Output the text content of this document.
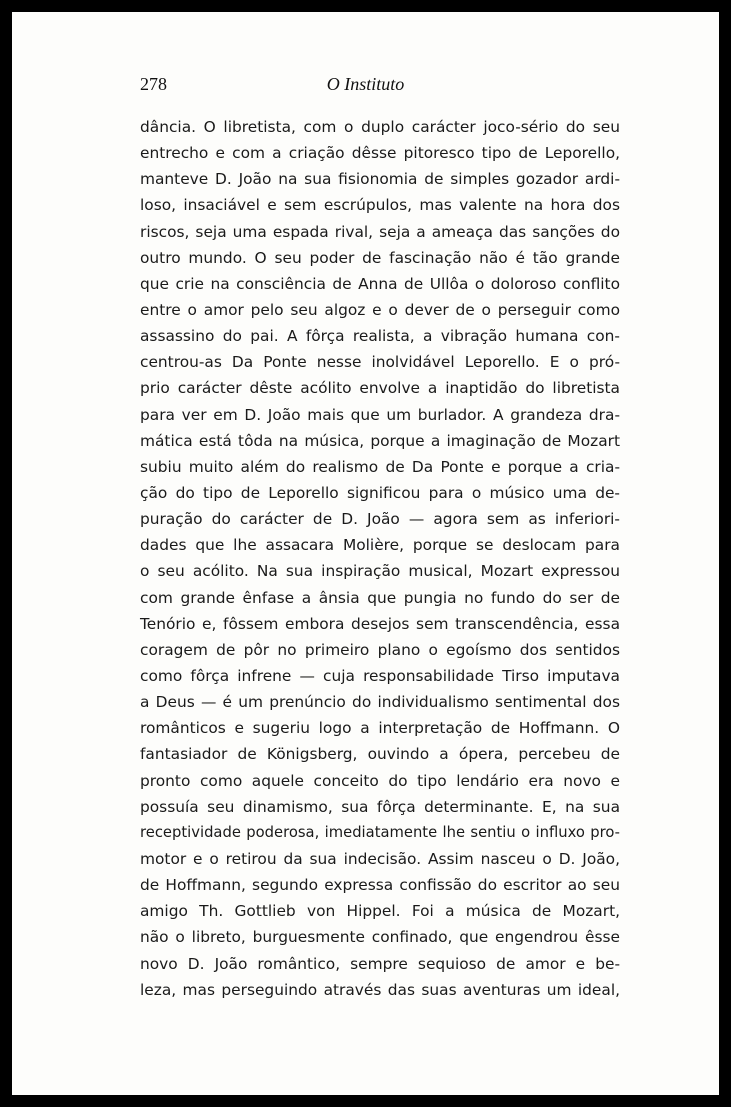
278	O Instituto
dância. O libretista, com o duplo carácter joco-sério do seu
entrecho e com a criação dêsse pitoresco tipo de Leporello,
manteve D. João na sua fisionomia de simples gozador ardi-
loso, insaciável e sem escrúpulos, mas valente na hora dos
riscos, seja uma espada rival, seja a ameaça das sanções do
outro mundo. O seu poder de fascinação não é tão grande
que crie na consciência de Anna de Ullôa o doloroso conflito
entre o amor pelo seu algoz e o dever de o perseguir como
assassino do pai. A fôrça realista, a vibração humana con-
centrou-as Da Ponte nesse inolvidável Leporello. E o pró-
prio carácter dêste acólito envolve a inaptidão do libretista
para ver em D. João mais que um burlador. A grandeza dra-
mática está tôda na música, porque a imaginação de Mozart
subiu muito além do realismo de Da Ponte e porque a cria-
ção do tipo de Leporello significou para o músico uma de-
puração do carácter de D. João — agora sem as inferiori-
dades que lhe assacara Molière, porque se deslocam para
o seu acólito. Na sua inspiração musical, Mozart expressou
com grande ênfase a ânsia que pungia no fundo do ser de
Tenório e, fôssem embora desejos sem transcendência, essa
coragem de pôr no primeiro plano o egoísmo dos sentidos
como fôrça infrene — cuja responsabilidade Tirso imputava
a Deus — é um prenúncio do individualismo sentimental dos
românticos e sugeriu logo a interpretação de Hoffmann. O
fantasiador de Königsberg, ouvindo a ópera, percebeu de
pronto como aquele conceito do tipo lendário era novo e
possuía seu dinamismo, sua fôrça determinante. E, na sua
receptividade poderosa, imediatamente lhe sentiu o influxo pro-
motor e o retirou da sua indecisão. Assim nasceu o D. João,
de Hoffmann, segundo expressa confissão do escritor ao seu
amigo Th. Gottlieb von Hippel. Foi a música de Mozart,
não o libreto, burguesmente confinado, que engendrou êsse
novo D. João romântico, sempre sequioso de amor e be-
leza, mas perseguindo através das suas aventuras um ideal,
